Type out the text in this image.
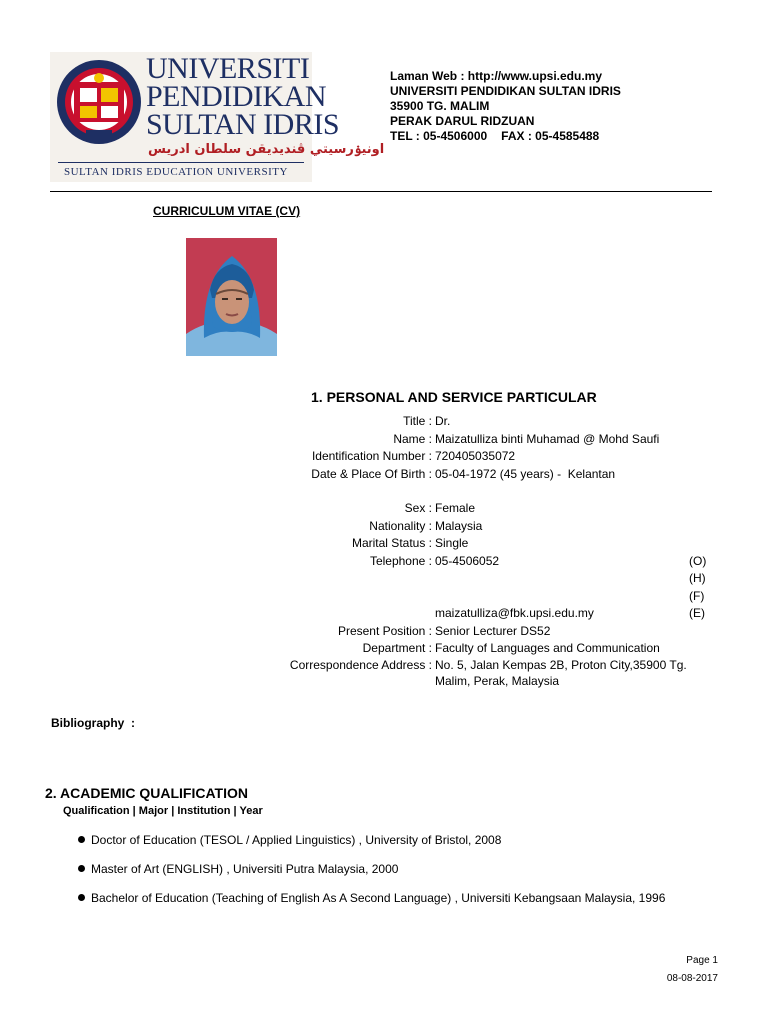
UNIVERSITI
PENDIDIKAN
SULTAN IDRIS
اونيۏرسيتي ڤنديديقن سلطان ادريس
SULTAN IDRIS EDUCATION UNIVERSITY
Laman Web : http://www.upsi.edu.my
UNIVERSITI PENDIDIKAN SULTAN IDRIS
35900 TG. MALIM
PERAK DARUL RIDZUAN
TEL : 05-4506000 FAX : 05-4585488
CURRICULUM VITAE (CV)
1. PERSONAL AND SERVICE PARTICULAR
Title : Dr.
Name : Maizatulliza binti Muhamad @ Mohd Saufi
Identification Number : 720405035072
Date & Place Of Birth : 05-04-1972 (45 years) -  Kelantan
Sex : Female
Nationality : Malaysia
Marital Status : Single
Telephone : 05-4506052	(O)
(H)
(F)
maizatulliza@fbk.upsi.edu.my	(E)
Present Position : Senior Lecturer DS52
Department : Faculty of Languages and Communication
Correspondence Address : No. 5, Jalan Kempas 2B, Proton City,35900 Tg.
Malim, Perak, Malaysia
Bibliography  :
2. ACADEMIC QUALIFICATION
Qualification | Major | Institution | Year
Doctor of Education (TESOL / Applied Linguistics) , University of Bristol, 2008
Master of Art (ENGLISH) , Universiti Putra Malaysia, 2000
Bachelor of Education (Teaching of English As A Second Language) , Universiti Kebangsaan Malaysia, 1996
Page 1
08-08-2017
